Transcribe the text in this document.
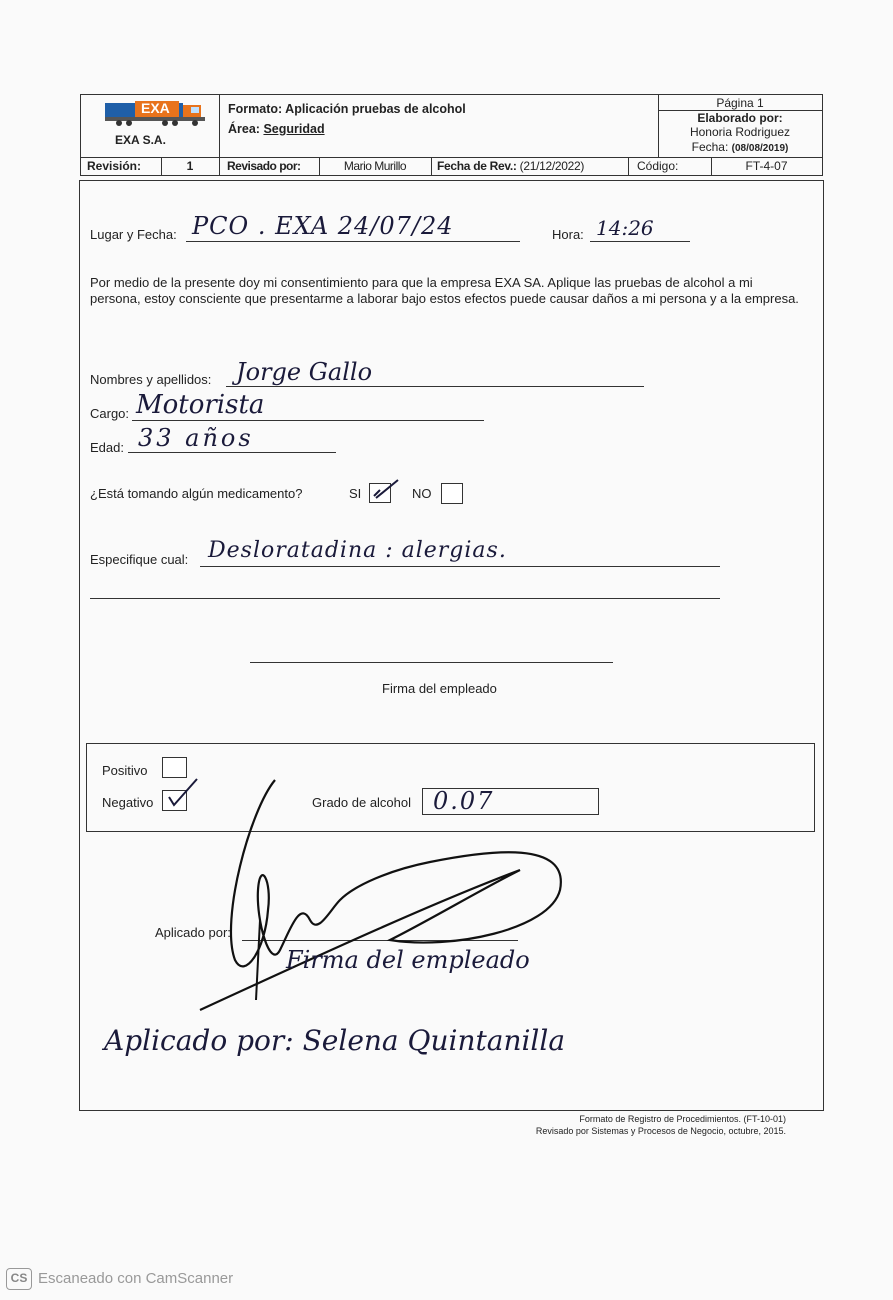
EXA
EXA S.A.
Formato: Aplicación pruebas de alcohol
Área: Seguridad
Página 1
Elaborado por:
Honoria Rodriguez
Fecha: (08/08/2019)
Revisión:	1	Revisado por:	Mario Murillo	Fecha de Rev.: (21/12/2022)	Código:	FT-4-07
Lugar y Fecha: PCO . EXA 24/07/24	Hora: 14:26
Por medio de la presente doy mi consentimiento para que la empresa EXA SA. Aplique las pruebas de alcohol a mi persona, estoy consciente que presentarme a laborar bajo estos efectos puede causar daños a mi persona y a la empresa.
Nombres y apellidos: Jorge Gallo
Cargo: Motorista
Edad: 33 años
¿Está tomando algún medicamento?	SI	NO
Especifique cual: Desloratadina : alergias.
Firma del empleado
Positivo
Negativo	Grado de alcohol 0.07
Aplicado por:
Firma del empleado
Aplicado por: Selena Quintanilla
Formato de Registro de Procedimientos. (FT-10-01)
Revisado por Sistemas y Procesos de Negocio, octubre, 2015.
CS Escaneado con CamScanner
